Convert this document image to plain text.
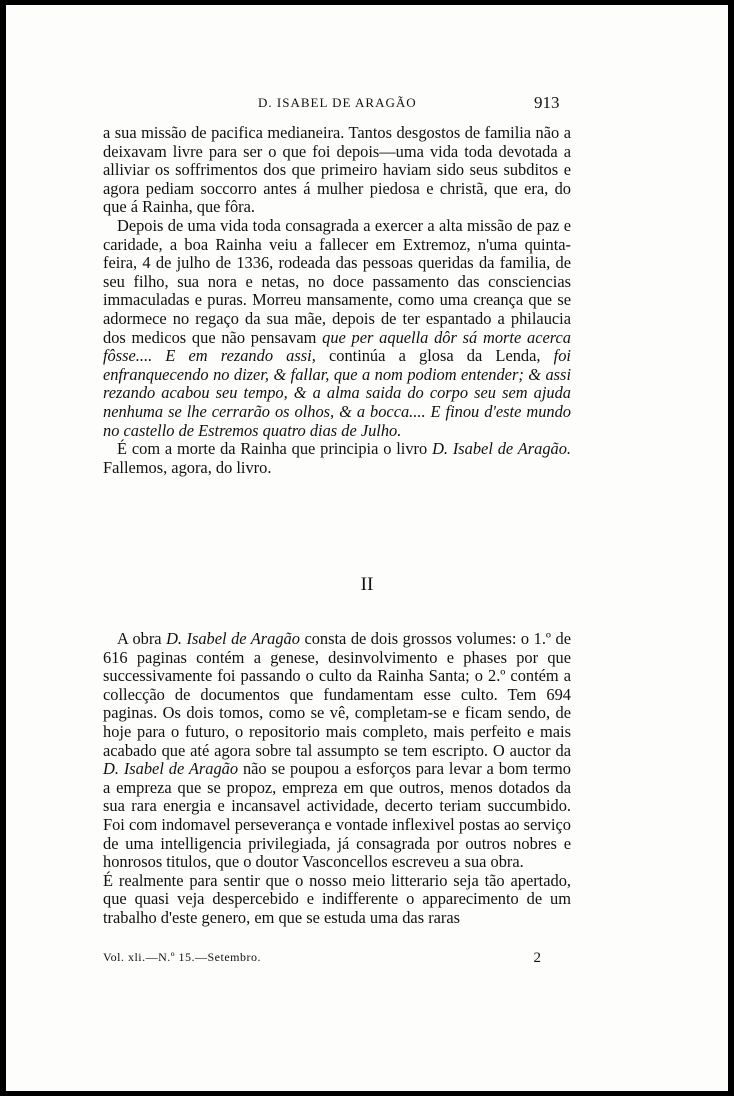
D. ISABEL DE ARAGÃO	913

a sua missão de pacifica medianeira. Tantos desgostos de familia não a deixavam livre para ser o que foi depois—uma vida toda devotada a alliviar os soffrimentos dos que primeiro haviam sido seus subditos e agora pediam soccorro antes á mulher piedosa e christã, que era, do que á Rainha, que fôra.

Depois de uma vida toda consagrada a exercer a alta missão de paz e caridade, a boa Rainha veiu a fallecer em Extremoz, n'uma quinta-feira, 4 de julho de 1336, rodeada das pessoas queridas da familia, de seu filho, sua nora e netas, no doce passamento das consciencias immaculadas e puras. Morreu mansamente, como uma creança que se adormece no regaço da sua mãe, depois de ter espantado a philaucia dos medicos que não pensavam que per aquella dôr sá morte acerca fôsse.... E em rezando assi, continúa a glosa da Lenda, foi enfranquecendo no dizer, & fallar, que a nom podiom entender; & assi rezando acabou seu tempo, & a alma saida do corpo seu sem ajuda nenhuma se lhe cerrarão os olhos, & a bocca.... E finou d'este mundo no castello de Estremos quatro dias de Julho.

É com a morte da Rainha que principia o livro D. Isabel de Aragão. Fallemos, agora, do livro.

II

A obra D. Isabel de Aragão consta de dois grossos volumes: o 1.º de 616 paginas contém a genese, desinvolvimento e phases por que successivamente foi passando o culto da Rainha Santa; o 2.º contém a collecção de documentos que fundamentam esse culto. Tem 694 paginas. Os dois tomos, como se vê, completam-se e ficam sendo, de hoje para o futuro, o repositorio mais completo, mais perfeito e mais acabado que até agora sobre tal assumpto se tem escripto. O auctor da D. Isabel de Aragão não se poupou a esforços para levar a bom termo a empreza que se propoz, empreza em que outros, menos dotados da sua rara energia e incansavel actividade, decerto teriam succumbido. Foi com indomavel perseverança e vontade inflexivel postas ao serviço de uma intelligencia privilegiada, já consagrada por outros nobres e honrosos titulos, que o doutor Vasconcellos escreveu a sua obra.

É realmente para sentir que o nosso meio litterario seja tão apertado, que quasi veja despercebido e indifferente o apparecimento de um trabalho d'este genero, em que se estuda uma das raras

Vol. xli.—N.º 15.—Setembro.	2
